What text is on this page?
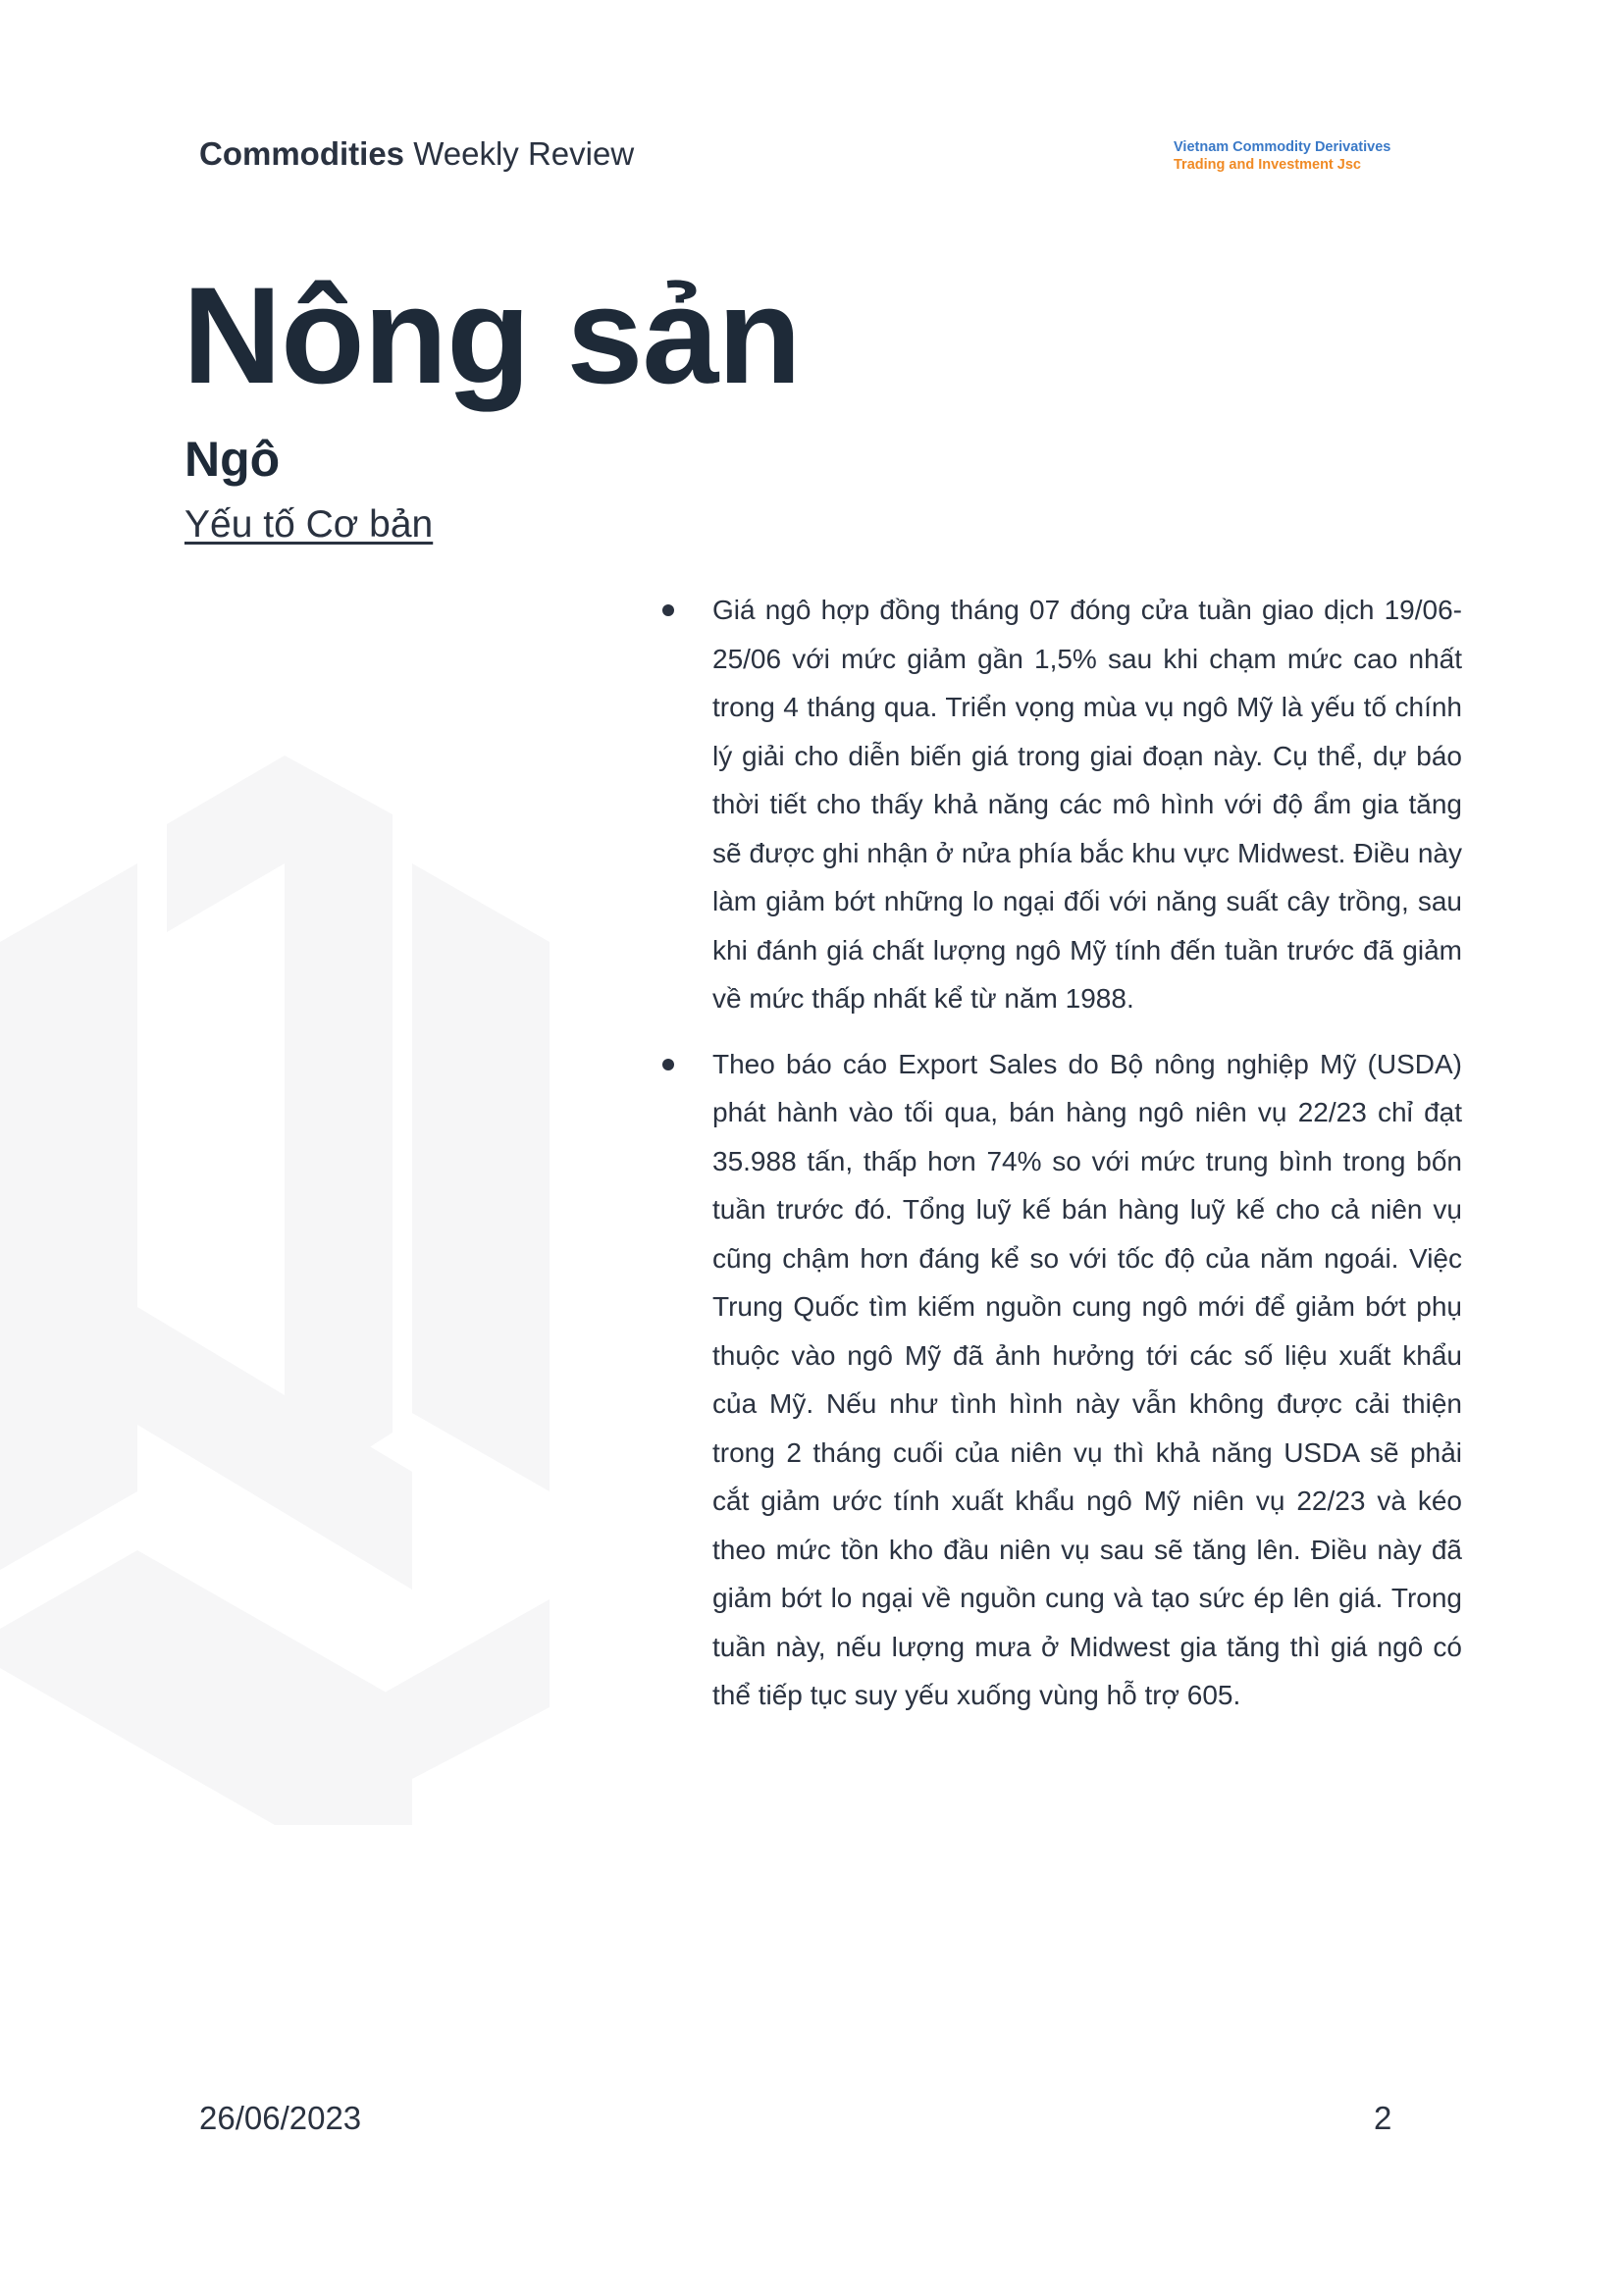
Commodities Weekly Review	Vietnam Commodity Derivatives
Trading and Investment Jsc
Nông sản
Ngô
Yếu tố Cơ bản
Giá ngô hợp đồng tháng 07 đóng cửa tuần giao dịch 19/06-25/06 với mức giảm gần 1,5% sau khi chạm mức cao nhất trong 4 tháng qua. Triển vọng mùa vụ ngô Mỹ là yếu tố chính lý giải cho diễn biến giá trong giai đoạn này. Cụ thể, dự báo thời tiết cho thấy khả năng các mô hình với độ ẩm gia tăng sẽ được ghi nhận ở nửa phía bắc khu vực Midwest. Điều này làm giảm bớt những lo ngại đối với năng suất cây trồng, sau khi đánh giá chất lượng ngô Mỹ tính đến tuần trước đã giảm về mức thấp nhất kể từ năm 1988.
Theo báo cáo Export Sales do Bộ nông nghiệp Mỹ (USDA) phát hành vào tối qua, bán hàng ngô niên vụ 22/23 chỉ đạt 35.988 tấn, thấp hơn 74% so với mức trung bình trong bốn tuần trước đó. Tổng luỹ kế bán hàng luỹ kế cho cả niên vụ cũng chậm hơn đáng kể so với tốc độ của năm ngoái. Việc Trung Quốc tìm kiếm nguồn cung ngô mới để giảm bớt phụ thuộc vào ngô Mỹ đã ảnh hưởng tới các số liệu xuất khẩu của Mỹ. Nếu như tình hình này vẫn không được cải thiện trong 2 tháng cuối của niên vụ thì khả năng USDA sẽ phải cắt giảm ước tính xuất khẩu ngô Mỹ niên vụ 22/23 và kéo theo mức tồn kho đầu niên vụ sau sẽ tăng lên. Điều này đã giảm bớt lo ngại về nguồn cung và tạo sức ép lên giá. Trong tuần này, nếu lượng mưa ở Midwest gia tăng thì giá ngô có thể tiếp tục suy yếu xuống vùng hỗ trợ 605.
26/06/2023	2
